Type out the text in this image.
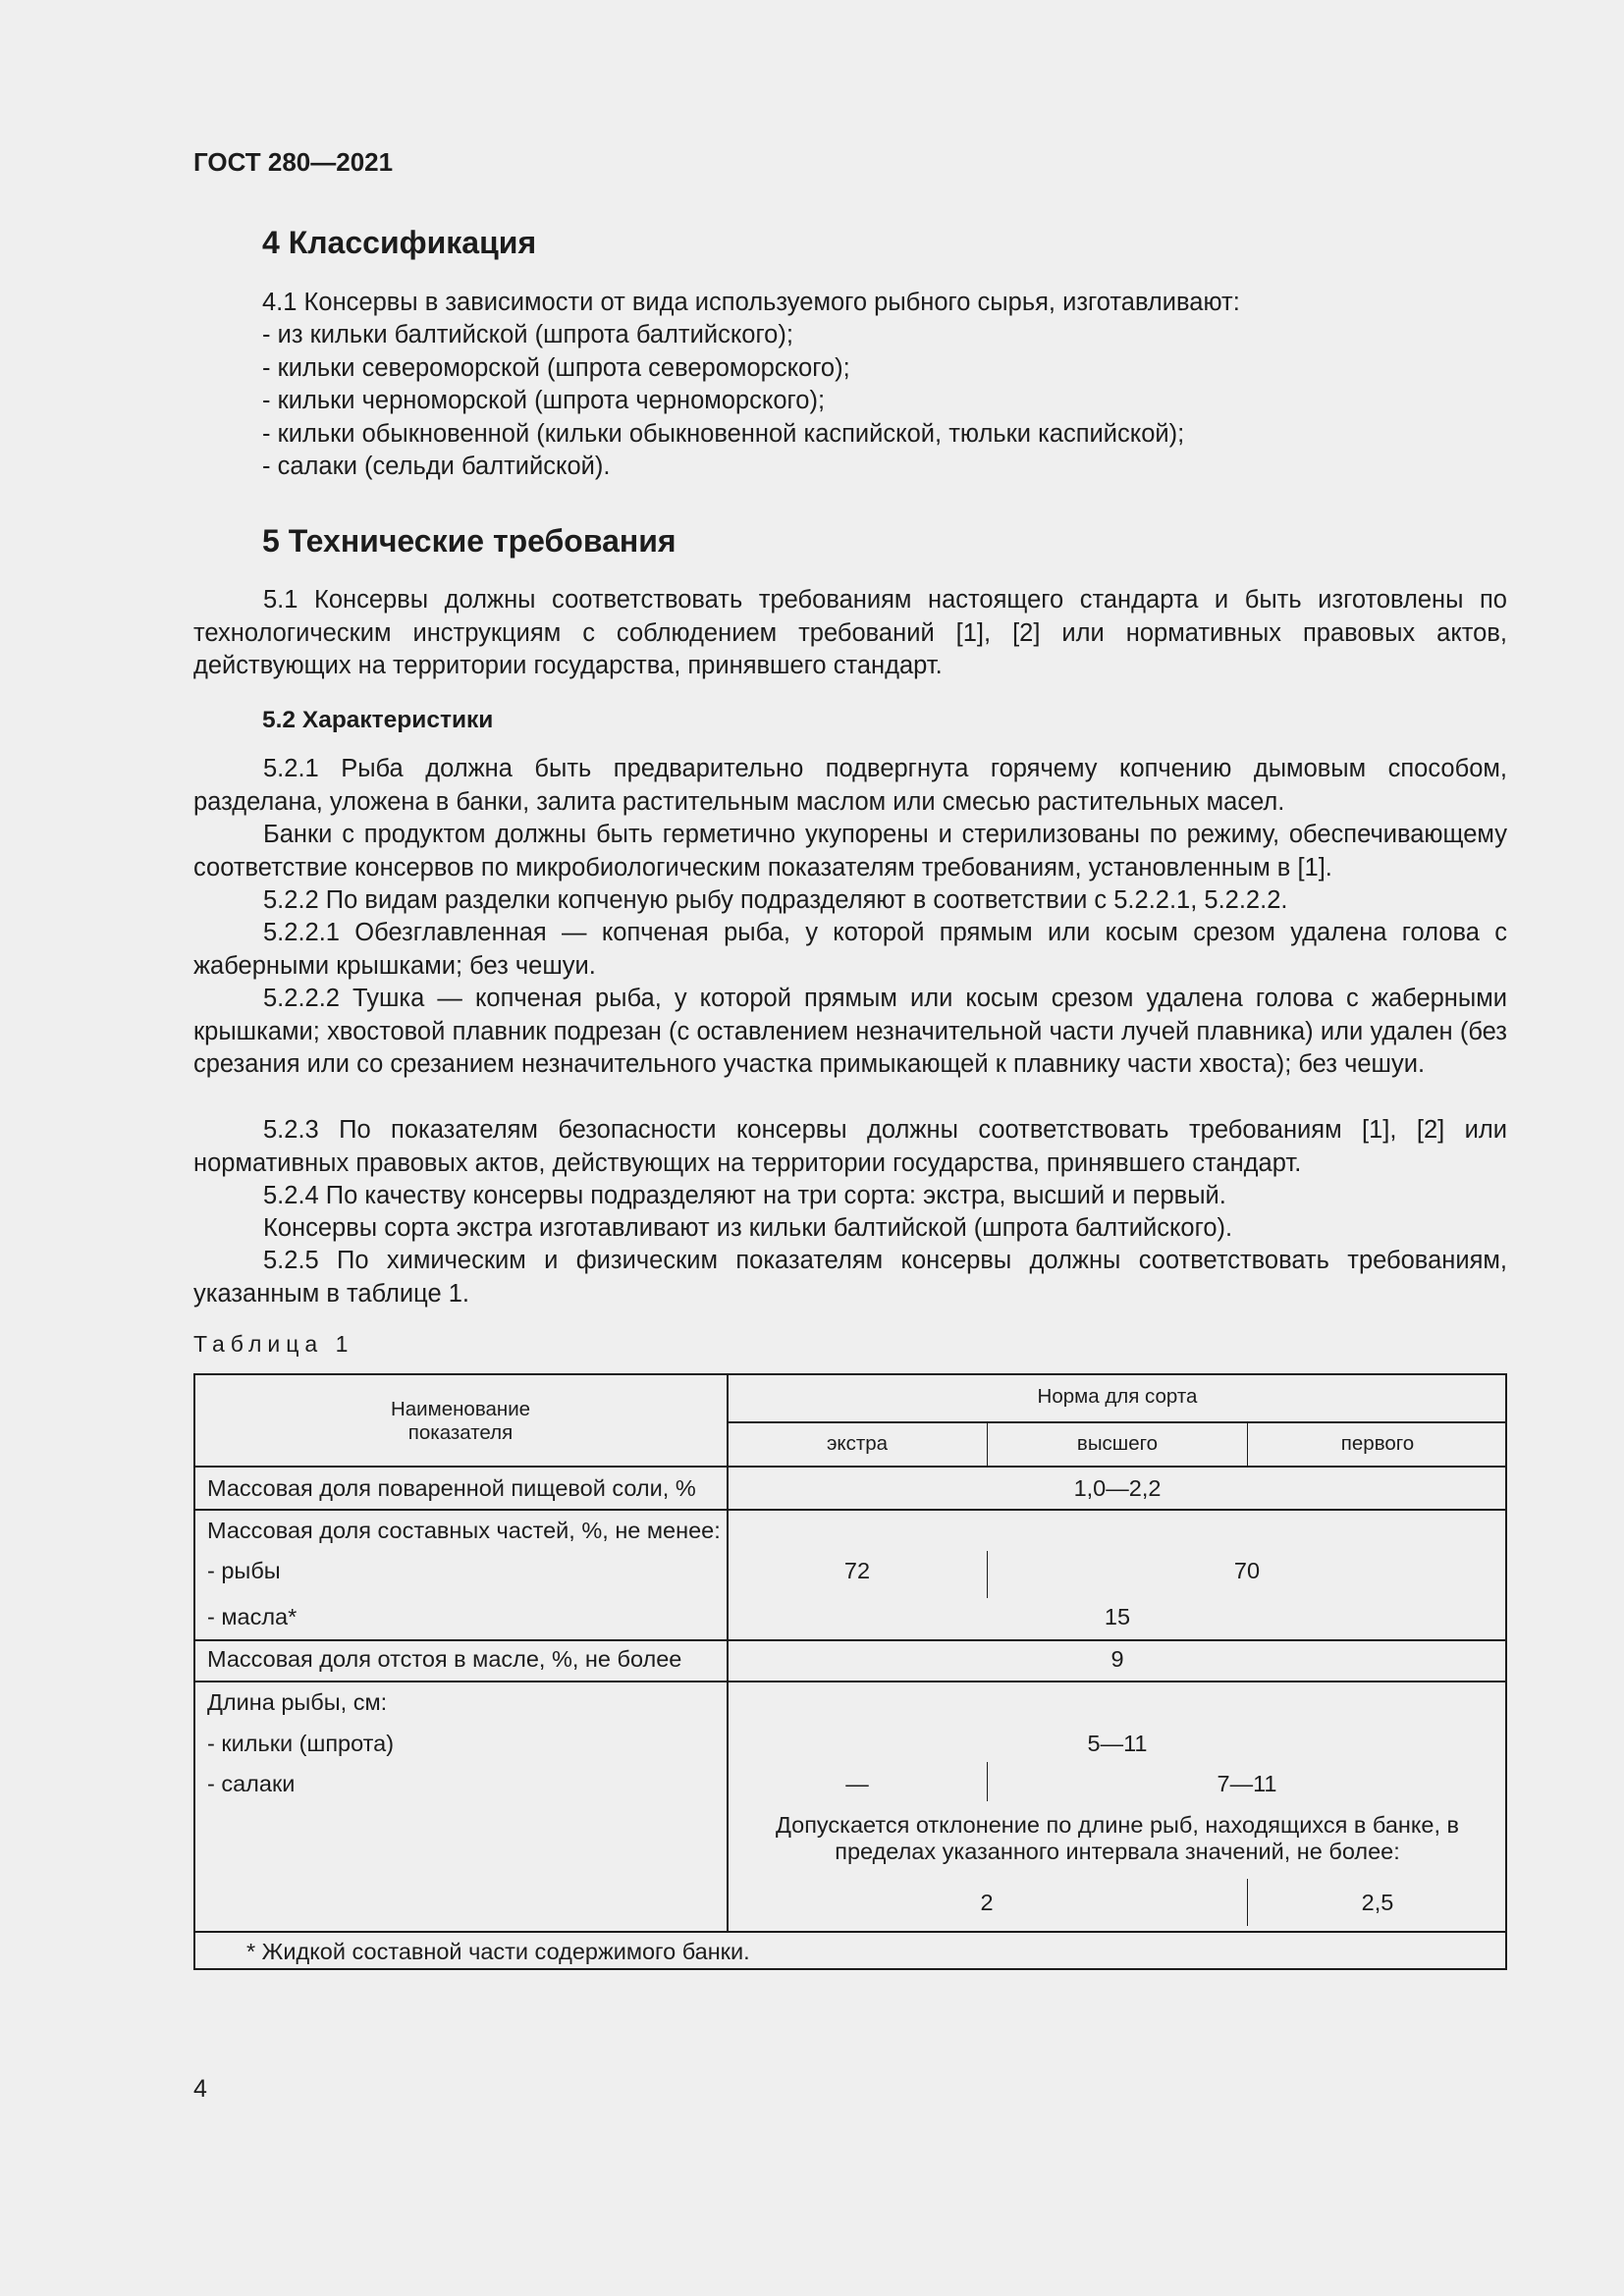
ГОСТ 280—2021
4 Классификация
4.1 Консервы в зависимости от вида используемого рыбного сырья, изготавливают:
- из кильки балтийской (шпрота балтийского);
- кильки североморской (шпрота североморского);
- кильки черноморской (шпрота черноморского);
- кильки обыкновенной (кильки обыкновенной каспийской, тюльки каспийской);
- салаки (сельди балтийской).
5 Технические требования
5.1 Консервы должны соответствовать требованиям настоящего стандарта и быть изготовлены по технологическим инструкциям с соблюдением требований [1], [2] или нормативных правовых актов, действующих на территории государства, принявшего стандарт.
5.2 Характеристики
5.2.1 Рыба должна быть предварительно подвергнута горячему копчению дымовым способом, разделана, уложена в банки, залита растительным маслом или смесью растительных масел.
Банки с продуктом должны быть герметично укупорены и стерилизованы по режиму, обеспечивающему соответствие консервов по микробиологическим показателям требованиям, установленным в [1].
5.2.2 По видам разделки копченую рыбу подразделяют в соответствии с 5.2.2.1, 5.2.2.2.
5.2.2.1 Обезглавленная — копченая рыба, у которой прямым или косым срезом удалена голова с жаберными крышками; без чешуи.
5.2.2.2 Тушка — копченая рыба, у которой прямым или косым срезом удалена голова с жаберными крышками; хвостовой плавник подрезан (с оставлением незначительной части лучей плавника) или удален (без срезания или со срезанием незначительного участка примыкающей к плавнику части хвоста); без чешуи.
5.2.3 По показателям безопасности консервы должны соответствовать требованиям [1], [2] или нормативных правовых актов, действующих на территории государства, принявшего стандарт.
5.2.4 По качеству консервы подразделяют на три сорта: экстра, высший и первый.
Консервы сорта экстра изготавливают из кильки балтийской (шпрота балтийского).
5.2.5 По химическим и физическим показателям консервы должны соответствовать требованиям, указанным в таблице 1.
Таблица 1
Наименование
показателя
Норма для сорта
экстра	высшего	первого
Массовая доля поваренной пищевой соли, %	1,0—2,2
Массовая доля составных частей, %, не менее:
- рыбы	72	70
- масла*	15
Массовая доля отстоя в масле, %, не более	9
Длина рыбы, см:
- кильки (шпрота)	5—11
- салаки	—	7—11
Допускается отклонение по длине рыб, находящихся в банке, в
пределах указанного интервала значений, не более:
2	2,5
* Жидкой составной части содержимого банки.
4
